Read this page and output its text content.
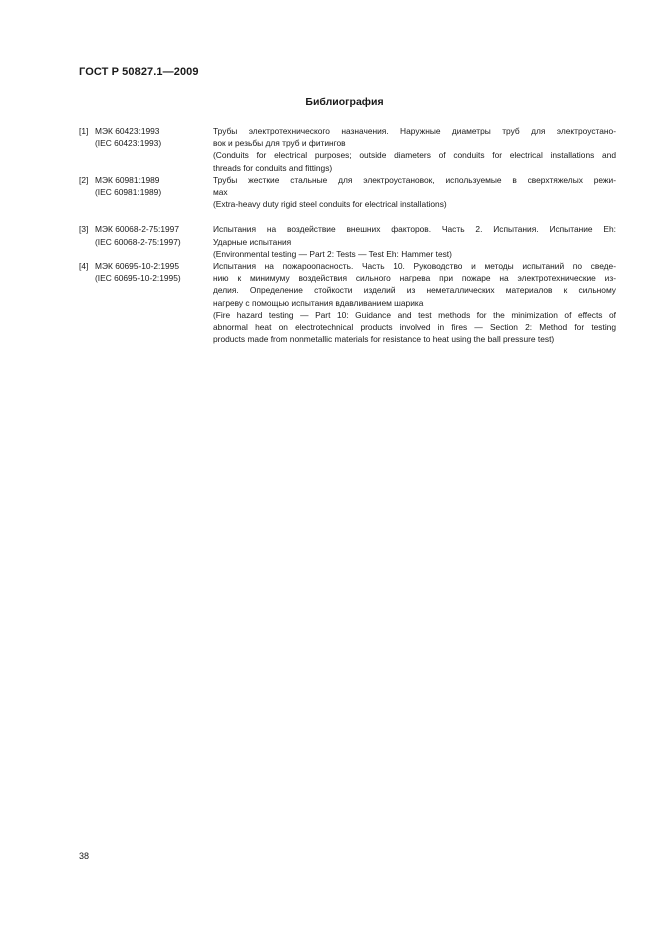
ГОСТ Р 50827.1—2009
Библиография
[1] МЭК 60423:1993
(IEC 60423:1993)
Трубы электротехнического назначения. Наружные диаметры труб для электроустано-
вок и резьбы для труб и фитингов
(Conduits for electrical purposes; outside diameters of conduits for electrical installations and
threads for conduits and fittings)
[2] МЭК 60981:1989
(IEC 60981:1989)
Трубы жесткие стальные для электроустановок, используемые в сверхтяжелых режи-
мах
(Extra-heavy duty rigid steel conduits for electrical installations)
[3] МЭК 60068-2-75:1997
(IEC 60068-2-75:1997)
Испытания на воздействие внешних факторов. Часть 2. Испытания. Испытание Eh:
Ударные испытания
(Environmental testing — Part 2: Tests — Test Eh: Hammer test)
[4] МЭК 60695-10-2:1995
(IEC 60695-10-2:1995)
Испытания на пожароопасность. Часть 10. Руководство и методы испытаний по сведе-
нию к минимуму воздействия сильного нагрева при пожаре на электротехнические из-
делия. Определение стойкости изделий из неметаллических материалов к сильному
нагреву с помощью испытания вдавливанием шарика
(Fire hazard testing — Part 10: Guidance and test methods for the minimization of effects of
abnormal heat on electrotechnical products involved in fires — Section 2: Method for testing
products made from nonmetallic materials for resistance to heat using the ball pressure test)
38
